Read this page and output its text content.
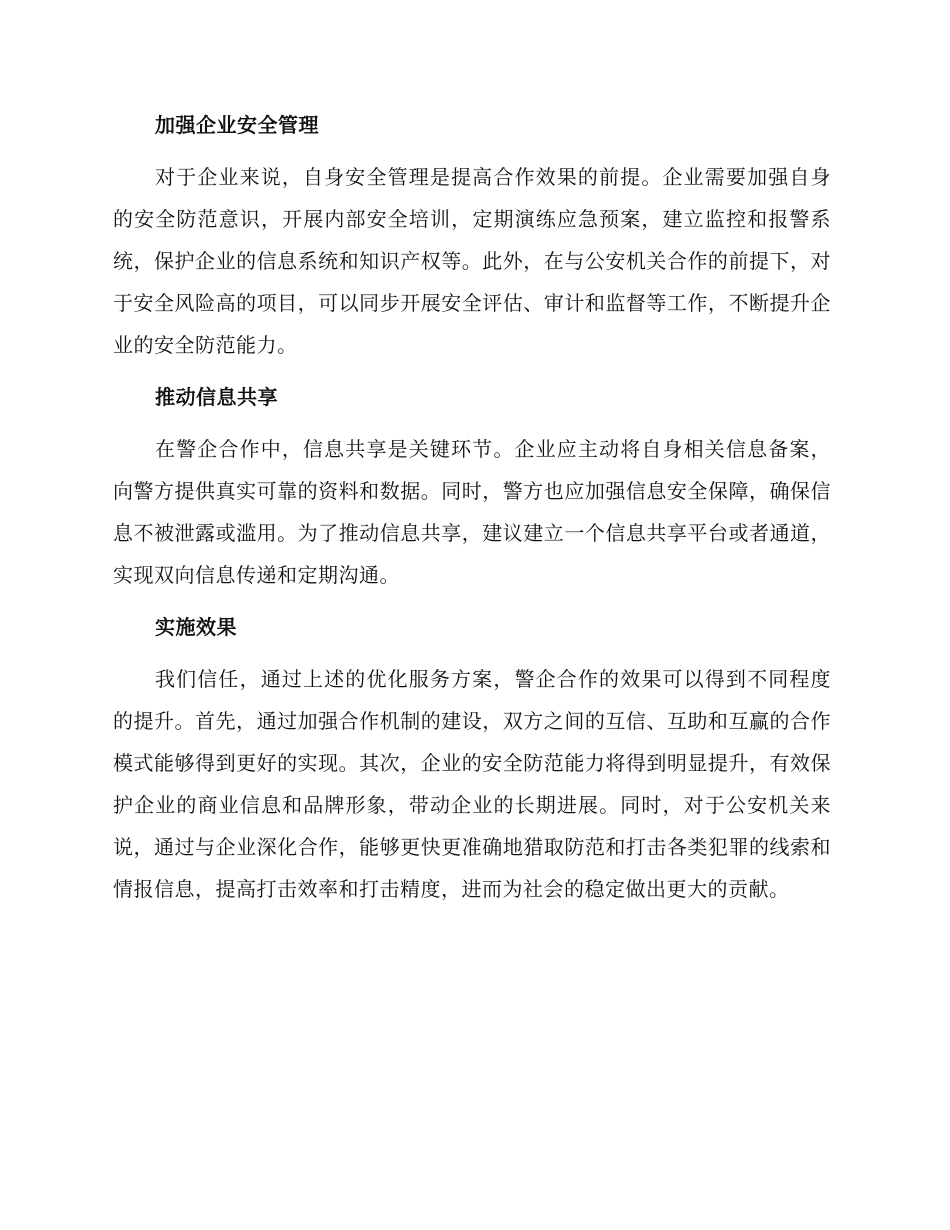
加强企业安全管理

对于企业来说，自身安全管理是提高合作效果的前提。企业需要加强自身的安全防范意识，开展内部安全培训，定期演练应急预案，建立监控和报警系统，保护企业的信息系统和知识产权等。此外，在与公安机关合作的前提下，对于安全风险高的项目，可以同步开展安全评估、审计和监督等工作，不断提升企业的安全防范能力。

推动信息共享

在警企合作中，信息共享是关键环节。企业应主动将自身相关信息备案，向警方提供真实可靠的资料和数据。同时，警方也应加强信息安全保障，确保信息不被泄露或滥用。为了推动信息共享，建议建立一个信息共享平台或者通道，实现双向信息传递和定期沟通。

实施效果

我们信任，通过上述的优化服务方案，警企合作的效果可以得到不同程度的提升。首先，通过加强合作机制的建设，双方之间的互信、互助和互赢的合作模式能够得到更好的实现。其次，企业的安全防范能力将得到明显提升，有效保护企业的商业信息和品牌形象，带动企业的长期进展。同时，对于公安机关来说，通过与企业深化合作，能够更快更准确地猎取防范和打击各类犯罪的线索和情报信息，提高打击效率和打击精度，进而为社会的稳定做出更大的贡献。
